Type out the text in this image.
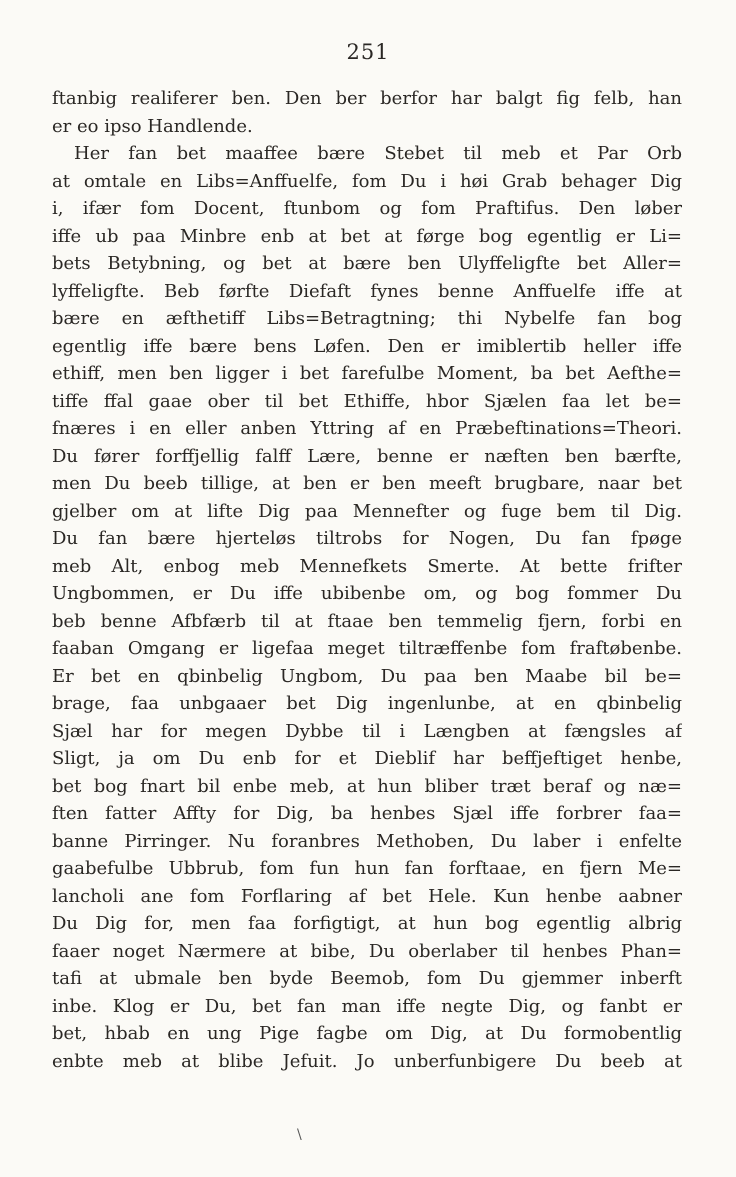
251
ftanbig realiferer ben. Den ber berfor har balgt fig felb, han
er eo ipso Handlende.
Her fan bet maaffee bære Stebet til meb et Par Orb
at omtale en Libs=Anffuelfe, fom Du i høi Grab behager Dig
i, ifær fom Docent, ftunbom og fom Praftifus. Den løber
iffe ub paa Minbre enb at bet at førge bog egentlig er Li=
bets Betybning, og bet at bære ben Ulyffeligfte bet Aller=
lyffeligfte. Beb førfte Diefaft fynes benne Anffuelfe iffe at
bære en æfthetiff Libs=Betragtning; thi Nybelfe fan bog
egentlig iffe bære bens Løfen. Den er imiblertib heller iffe
ethiff, men ben ligger i bet farefulbe Moment, ba bet Aefthe=
tiffe ffal gaae ober til bet Ethiffe, hbor Sjælen faa let be=
fnæres i en eller anben Yttring af en Præbeftinations=Theori.
Du fører forffjellig falff Lære, benne er næften ben bærfte,
men Du beeb tillige, at ben er ben meeft brugbare, naar bet
gjelber om at lifte Dig paa Mennefter og fuge bem til Dig.
Du fan bære hjerteløs tiltrobs for Nogen, Du fan fpøge
meb Alt, enbog meb Mennefkets Smerte. At bette frifter
Ungbommen, er Du iffe ubibenbe om, og bog fommer Du
beb benne Afbfærb til at ftaae ben temmelig fjern, forbi en
faaban Omgang er ligefaa meget tiltræffenbe fom fraftøbenbe.
Er bet en qbinbelig Ungbom, Du paa ben Maabe bil be=
brage, faa unbgaaer bet Dig ingenlunbe, at en qbinbelig
Sjæl har for megen Dybbe til i Længben at fængsles af
Sligt, ja om Du enb for et Dieblif har beffjeftiget henbe,
bet bog fnart bil enbe meb, at hun bliber træt beraf og næ=
ften fatter Affty for Dig, ba henbes Sjæl iffe forbrer faa=
banne Pirringer. Nu foranbres Methoben, Du laber i enfelte
gaabefulbe Ubbrub, fom fun hun fan forftaae, en fjern Me=
lancholi ane fom Forflaring af bet Hele. Kun henbe aabner
Du Dig for, men faa forfigtigt, at hun bog egentlig albrig
faaer noget Nærmere at bibe, Du oberlaber til henbes Phan=
tafi at ubmale ben byde Beemob, fom Du gjemmer inberft
inbe. Klog er Du, bet fan man iffe negte Dig, og fanbt er
bet, hbab en ung Pige fagbe om Dig, at Du formobentlig
enbte meb at blibe Jefuit. Jo unberfunbigere Du beeb at
\
